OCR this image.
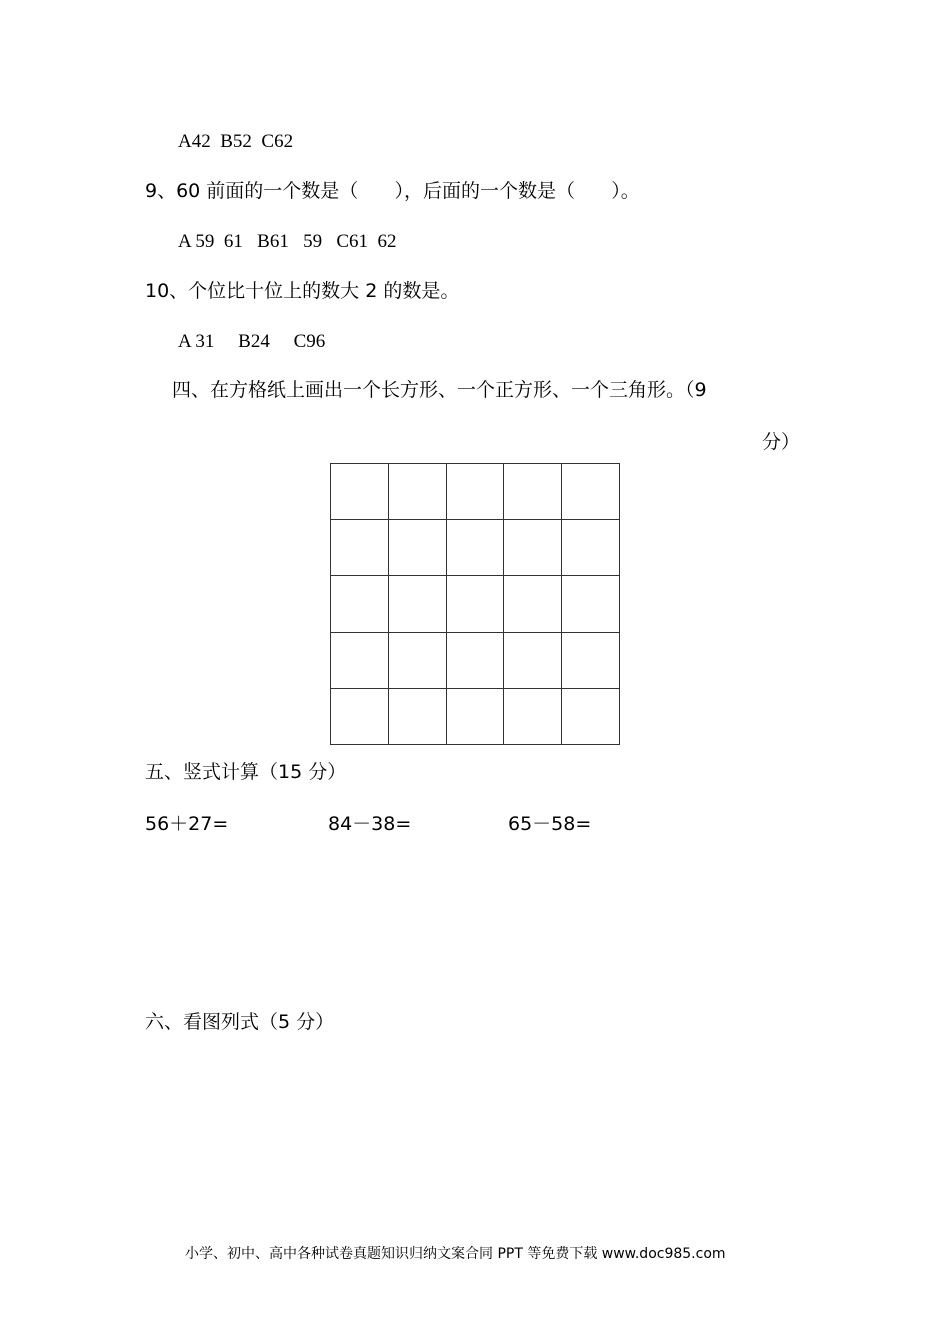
A42  B52  C62
9、60 前面的一个数是（      ），后面的一个数是（      ）。
A 59  61   B61   59   C61  62
10、个位比十位上的数大 2 的数是。
A 31     B24     C96
四、在方格纸上画出一个长方形、一个正方形、一个三角形。（9
分）
五、竖式计算（15 分）
56＋27=	84－38=	65－58=
六、看图列式（5 分）
小学、初中、高中各种试卷真题知识归纳文案合同 PPT 等免费下载 www.doc985.com
